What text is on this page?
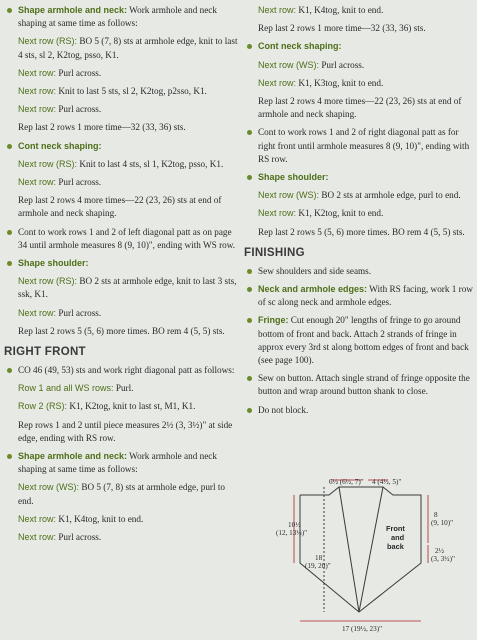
Shape armhole and neck: Work armhole and neck shaping at same time as follows:
Next row (RS): BO 5 (7, 8) sts at armhole edge, knit to last 4 sts, sl 2, K2tog, psso, K1.
Next row: Purl across.
Next row: Knit to last 5 sts, sl 2, K2tog, p2sso, K1.
Next row: Purl across.
Rep last 2 rows 1 more time—32 (33, 36) sts.
Cont neck shaping:
Next row (RS): Knit to last 4 sts, sl 1, K2tog, psso, K1.
Next row: Purl across.
Rep last 2 rows 4 more times—22 (23, 26) sts at end of armhole and neck shaping.
Cont to work rows 1 and 2 of left diagonal patt as on page 34 until armhole measures 8 (9, 10)", ending with WS row.
Shape shoulder:
Next row (RS): BO 2 sts at armhole edge, knit to last 3 sts, ssk, K1.
Next row: Purl across.
Rep last 2 rows 5 (5, 6) more times. BO rem 4 (5, 5) sts.
RIGHT FRONT
CO 46 (49, 53) sts and work right diagonal patt as follows:
Row 1 and all WS rows: Purl.
Row 2 (RS): K1, K2tog, knit to last st, M1, K1.
Rep rows 1 and 2 until piece measures 2½ (3, 3½)" at side edge, ending with RS row.
Shape armhole and neck: Work armhole and neck shaping at same time as follows:
Next row (WS): BO 5 (7, 8) sts at armhole edge, purl to end.
Next row: K1, K4tog, knit to end.
Next row: Purl across.
Next row: K1, K4tog, knit to end.
Rep last 2 rows 1 more time—32 (33, 36) sts.
Cont neck shaping:
Next row (WS): Purl across.
Next row: K1, K3tog, knit to end.
Rep last 2 rows 4 more times—22 (23, 26) sts at end of armhole and neck shaping.
Cont to work rows 1 and 2 of right diagonal patt as for right front until armhole measures 8 (9, 10)", ending with RS row.
Shape shoulder:
Next row (WS): BO 2 sts at armhole edge, purl to end.
Next row: K1, K2tog, knit to end.
Rep last 2 rows 5 (5, 6) more times. BO rem 4 (5, 5) sts.
FINISHING
Sew shoulders and side seams.
Neck and armhole edges: With RS facing, work 1 row of sc along neck and armhole edges.
Fringe: Cut enough 20" lengths of fringe to go around bottom of front and back. Attach 2 strands of fringe in approx every 3rd st along bottom edges of front and back (see page 100).
Sew on button. Attach single strand of fringe opposite the button and wrap around button shank to close.
Do not block.
6½ (6½, 7)" 4 (4½, 5)"
10½
(12, 13½)"
18
(19, 20)"
8
(9, 10)"
2½
(3, 3½)"
17 (19½, 23)"
Front
and
back
